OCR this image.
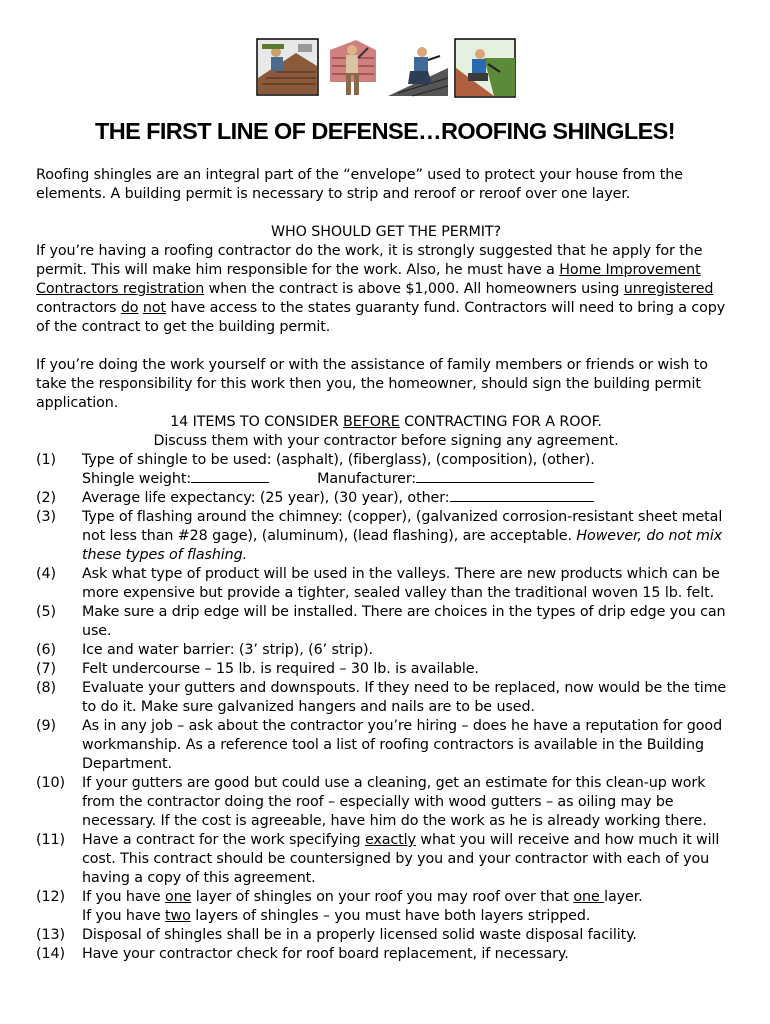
THE FIRST LINE OF DEFENSE…ROOFING SHINGLES!

Roofing shingles are an integral part of the “envelope” used to protect your house from the elements. A building permit is necessary to strip and reroof or reroof over one layer.

WHO SHOULD GET THE PERMIT?

If you’re having a roofing contractor do the work, it is strongly suggested that he apply for the permit. This will make him responsible for the work. Also, he must have a Home Improvement Contractors registration when the contract is above $1,000. All homeowners using unregistered contractors do not have access to the states guaranty fund. Contractors will need to bring a copy of the contract to get the building permit.

If you’re doing the work yourself or with the assistance of family members or friends or wish to take the responsibility for this work then you, the homeowner, should sign the building permit application.

14 ITEMS TO CONSIDER BEFORE CONTRACTING FOR A ROOF.

Discuss them with your contractor before signing any agreement.

(1)	Type of shingle to be used: (asphalt), (fiberglass), (composition), (other).
Shingle weight:	Manufacturer:
(2)	Average life expectancy: (25 year), (30 year), other:
(3)	Type of flashing around the chimney: (copper), (galvanized corrosion-resistant sheet metal not less than #28 gage), (aluminum), (lead flashing), are acceptable. However, do not mix these types of flashing.
(4)	Ask what type of product will be used in the valleys. There are new products which can be more expensive but provide a tighter, sealed valley than the traditional woven 15 lb. felt.
(5)	Make sure a drip edge will be installed. There are choices in the types of drip edge you can use.
(6)	Ice and water barrier: (3’ strip), (6’ strip).
(7)	Felt undercourse – 15 lb. is required – 30 lb. is available.
(8)	Evaluate your gutters and downspouts. If they need to be replaced, now would be the time to do it. Make sure galvanized hangers and nails are to be used.
(9)	As in any job – ask about the contractor you’re hiring – does he have a reputation for good workmanship. As a reference tool a list of roofing contractors is available in the Building Department.
(10)	If your gutters are good but could use a cleaning, get an estimate for this clean-up work from the contractor doing the roof – especially with wood gutters – as oiling may be necessary. If the cost is agreeable, have him do the work as he is already working there.
(11)	Have a contract for the work specifying exactly what you will receive and how much it will cost. This contract should be countersigned by you and your contractor with each of you having a copy of this agreement.
(12)	If you have one layer of shingles on your roof you may roof over that one layer.
If you have two layers of shingles – you must have both layers stripped.
(13)	Disposal of shingles shall be in a properly licensed solid waste disposal facility.
(14)	Have your contractor check for roof board replacement, if necessary.
